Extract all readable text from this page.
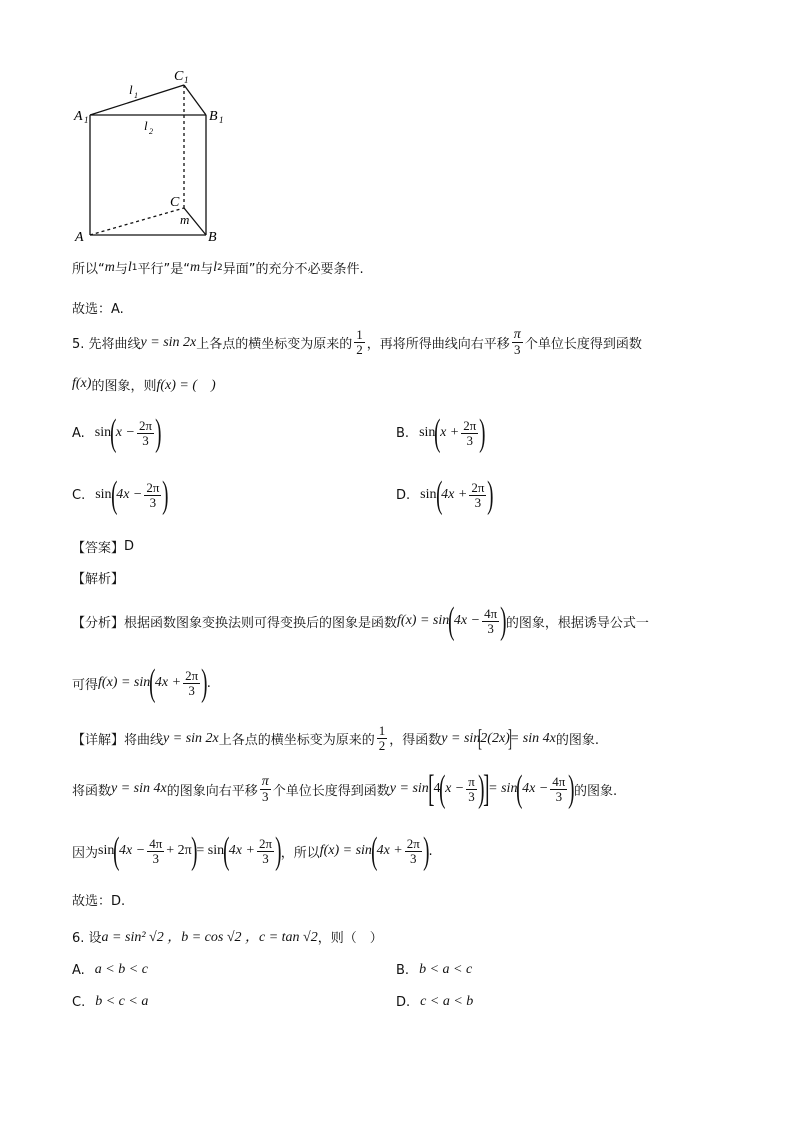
C 1
A 1	B 1
l 1
l 2
C
m
A	B
所以“ m 与 l 1 平行”是“ m 与 l 2 异面”的充分不必要条件.
故选：A.
5. 先将曲线 y = sin 2x 上各点的横坐标变为原来的 $\frac{1}{2}$ ，再将所得曲线向右平移 $\frac{\pi}{3}$ 个单位长度得到函数
f(x) 的图象，则 f(x) = (　)
A. sin ( $x - \frac{2\pi}{3}$ )	B. sin ( $x + \frac{2\pi}{3}$ )
C. sin ( $4x - \frac{2\pi}{3}$ )	D. sin ( $4x + \frac{2\pi}{3}$ )
【答案】 D
【解析】
【分析】 根据函数图象变换法则可得变换后的图象是函数 f(x) = sin ( $4x - \frac{4\pi}{3}$ ) 的图象，根据诱导公式一
可得 f(x) = sin ( $4x + \frac{2\pi}{3}$ ) .
【详解】 将曲线 y = sin 2x 上各点的横坐标变为原来的 $\frac{1}{2}$ ，得函数 y = sin
[
2(2x)
]
= sin 4x 的图象.
将函数 y = sin 4x 的图象向右平移 $\frac{\pi}{3}$ 个单位长度得到函数 y = sin [ 4 ( $x - \frac{\pi}{3}$ )
] = sin ( $4x - \frac{4\pi}{3}$ ) 的图象.
因为 sin ( $4x - \frac{4\pi}{3} + 2\pi$ ) = sin ( $4x + \frac{2\pi}{3}$ ) ，所以 f(x) = sin ( $4x + \frac{2\pi}{3}$ ) .
故选：D.
6. 设 a = sin² √2 ，b = cos √2 ，c = tan √2 ，则（　）
A. a < b < c	B. b < a < c
C. b < c < a	D. c < a < b
